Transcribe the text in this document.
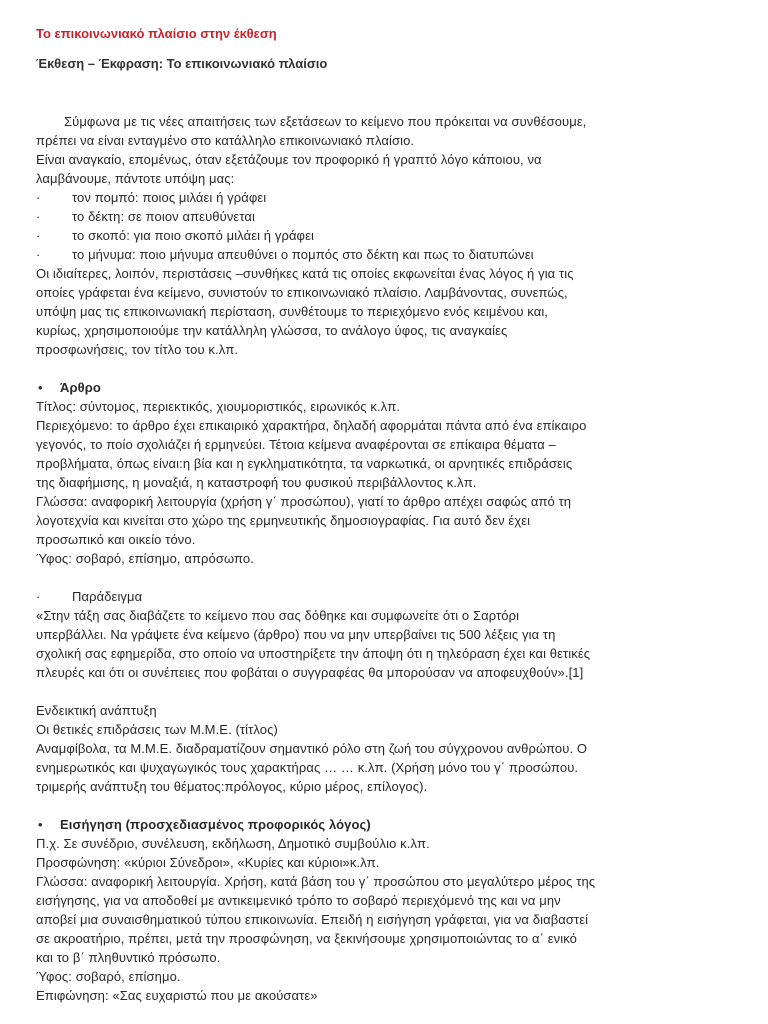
Το επικοινωνιακό πλαίσιο στην έκθεση
Έκθεση – Έκφραση: Το επικοινωνιακό πλαίσιο

Σύμφωνα με τις νέες απαιτήσεις των εξετάσεων το κείμενο που πρόκειται να συνθέσουμε,

πρέπει να είναι ενταγμένο στο κατάλληλο επικοινωνιακό πλαίσιο.

Είναι αναγκαίο, επομένως, όταν εξετάζουμε τον προφορικό ή γραπτό λόγο κάποιου, να

λαμβάνουμε, πάντοτε υπόψη μας:

·	τον πομπό: ποιος μιλάει ή γράφει
·	το δέκτη: σε ποιον απευθύνεται
·	το σκοπό: για ποιο σκοπό μιλάει ή γράφει
·	το μήνυμα: ποιο μήνυμα απευθύνει ο πομπός στο δέκτη και πως το διατυπώνει

Οι ιδιαίτερες, λοιπόν, περιστάσεις –συνθήκες κατά τις οποίες εκφωνείται ένας λόγος ή για τις

οποίες γράφεται ένα κείμενο, συνιστούν το επικοινωνιακό πλαίσιο. Λαμβάνοντας, συνεπώς,

υπόψη μας τις επικοινωνιακή περίσταση, συνθέτουμε το περιεχόμενο ενός κειμένου και,

κυρίως, χρησιμοποιούμε την κατάλληλη γλώσσα, το ανάλογο ύφος, τις αναγκαίες

προσφωνήσεις, τον τίτλο του κ.λπ.

•	Άρθρο

Τίτλος: σύντομος, περιεκτικός, χιουμοριστικός, ειρωνικός κ.λπ.

Περιεχόμενο: το άρθρο έχει επικαιρικό χαρακτήρα, δηλαδή αφορμάται πάντα από ένα επίκαιρο

γεγονός, το ποίο σχολιάζει ή ερμηνεύει. Τέτοια κείμενα αναφέρονται σε επίκαιρα θέματα –

προβλήματα, όπως είναι:η βία και η εγκληματικότητα, τα ναρκωτικά, οι αρνητικές επιδράσεις

της διαφήμισης, η μοναξιά, η καταστροφή του φυσικού περιβάλλοντος κ.λπ.

Γλώσσα: αναφορική λειτουργία (χρήση γ΄ προσώπου), γιατί το άρθρο απέχει σαφώς από τη

λογοτεχνία και κινείται στο χώρο της ερμηνευτικής δημοσιογραφίας. Για αυτό δεν έχει

προσωπικό και οικείο τόνο.

Ύφος: σοβαρό, επίσημο, απρόσωπο.

·	Παράδειγμα

«Στην τάξη σας διαβάζετε το κείμενο που σας δόθηκε και συμφωνείτε ότι ο Σαρτόρι

υπερβάλλει. Να γράψετε ένα κείμενο (άρθρο) που να μην υπερβαίνει τις 500 λέξεις για τη

σχολική σας εφημερίδα, στο οποίο να υποστηρίξετε την άποψη ότι η τηλεόραση έχει και θετικές

πλευρές και ότι οι συνέπειες που φοβάται ο συγγραφέας θα μπορούσαν να αποφευχθούν».[1]

Ενδεικτική ανάπτυξη

Οι θετικές επιδράσεις των Μ.Μ.Ε. (τίτλος)

Αναμφίβολα, τα Μ.Μ.Ε. διαδραματίζουν σημαντικό ρόλο στη ζωή του σύγχρονου ανθρώπου. Ο

ενημερωτικός και ψυχαγωγικός τους χαρακτήρας … … κ.λπ. (Χρήση μόνο του γ΄ προσώπου.

τριμερής ανάπτυξη του θέματος:πρόλογος, κύριο μέρος, επίλογος).

•	Εισήγηση (προσχεδιασμένος προφορικός λόγος)

Π.χ. Σε συνέδριο, συνέλευση, εκδήλωση, Δημοτικό συμβούλιο κ.λπ.

Προσφώνηση: «κύριοι Σύνεδροι», «Κυρίες και κύριοι»κ.λπ.

Γλώσσα: αναφορική λειτουργία. Χρήση, κατά βάση του γ΄ προσώπου στο μεγαλύτερο μέρος της

εισήγησης, για να αποδοθεί με αντικειμενικό τρόπο το σοβαρό περιεχόμενό της και να μην

αποβεί μια συναισθηματικού τύπου επικοινωνία. Επειδή η εισήγηση γράφεται, για να διαβαστεί

σε ακροατήριο, πρέπει, μετά την προσφώνηση, να ξεκινήσουμε χρησιμοποιώντας το α΄ ενικό

και το β΄ πληθυντικό πρόσωπο.

Ύφος: σοβαρό, επίσημο.

Επιφώνηση: «Σας ευχαριστώ που με ακούσατε»
